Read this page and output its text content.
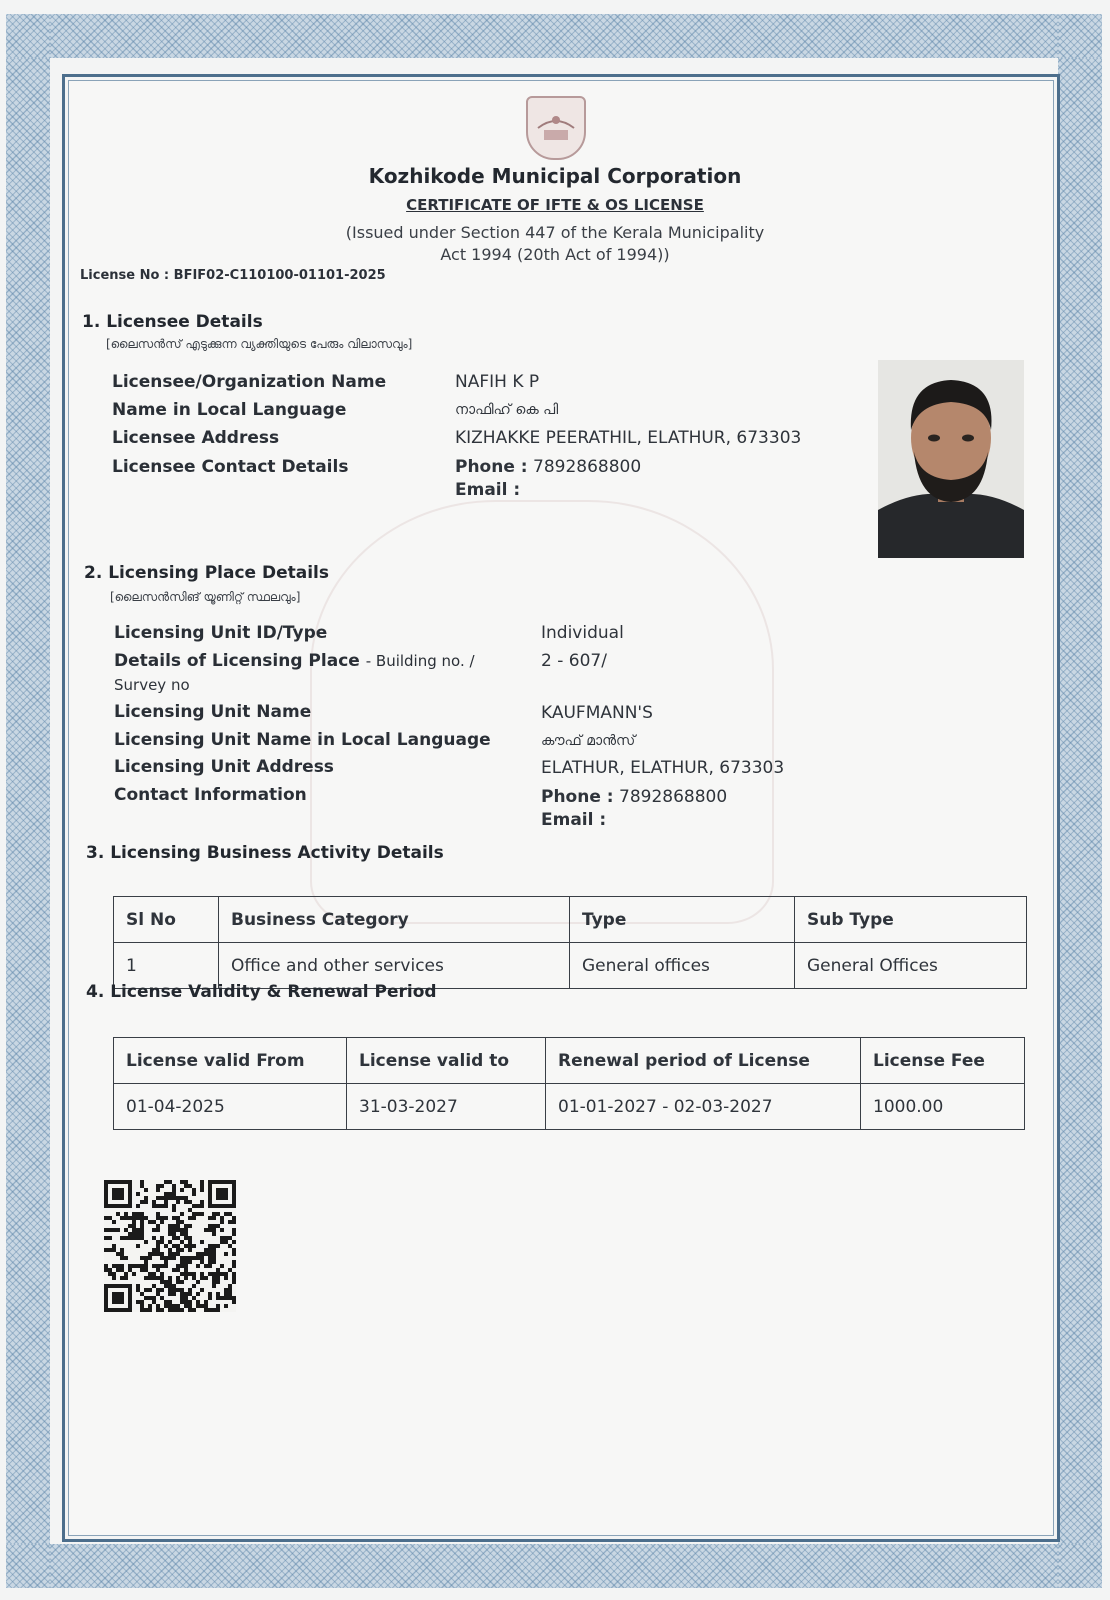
Kozhikode Municipal Corporation
CERTIFICATE OF IFTE & OS LICENSE
(Issued under Section 447 of the Kerala Municipality
Act 1994 (20th Act of 1994))
License No : BFIF02-C110100-01101-2025
1. Licensee Details
[ലൈസൻസ് എടുക്കുന്ന വ്യക്തിയുടെ പേരും വിലാസവും]
Licensee/Organization Name	NAFIH K P
Name in Local Language	നാഫിഹ് കെ പി
Licensee Address	KIZHAKKE PEERATHIL, ELATHUR, 673303
Licensee Contact Details	Phone : 7892868800
Email :
2. Licensing Place Details
[ലൈസൻസിങ് യൂണിറ്റ് സ്ഥലവും]
Licensing Unit ID/Type	Individual
Details of Licensing Place - Building no. /
Survey no
2 - 607/
Licensing Unit Name	KAUFMANN'S
Licensing Unit Name in Local Language	കൗഫ് മാൻസ്
Licensing Unit Address	ELATHUR, ELATHUR, 673303
Contact Information	Phone : 7892868800
Email :
3. Licensing Business Activity Details
Sl No	Business Category	Type	Sub Type
1	Office and other services	General offices	General Offices
4. License Validity & Renewal Period
License valid From	License valid to	Renewal period of License	License Fee
01-04-2025	31-03-2027	01-01-2027 - 02-03-2027	1000.00
